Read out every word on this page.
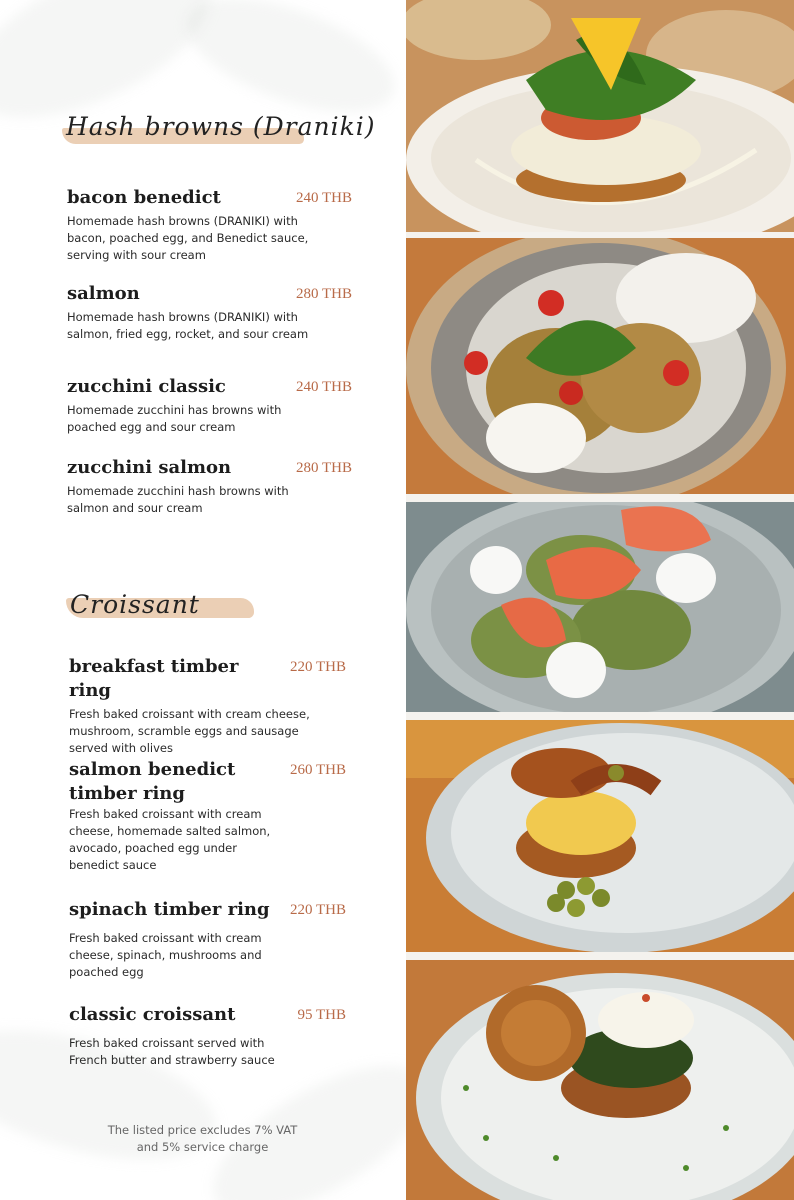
Hash browns (Draniki)
bacon benedict	240 THB
Homemade hash browns (DRANIKI) with bacon, poached egg, and Benedict sauce, serving with sour cream
salmon	280 THB
Homemade hash browns (DRANIKI) with salmon, fried egg, rocket, and sour cream
zucchini classic	240 THB
Homemade zucchini has browns with poached egg and sour cream
zucchini salmon	280 THB
Homemade zucchini hash browns with salmon and sour cream
Croissant
breakfast timber ring
220 THB
Fresh baked croissant with cream cheese, mushroom, scramble eggs and sausage served with olives
salmon benedict timber ring
260 THB
Fresh baked croissant with cream cheese, homemade salted salmon, avocado, poached egg under benedict sauce
spinach timber ring	220 THB
Fresh baked croissant with cream cheese, spinach, mushrooms and poached egg
classic croissant	95 THB
Fresh baked croissant served with French butter and strawberry sauce
The listed price excludes 7% VAT
and 5% service charge
